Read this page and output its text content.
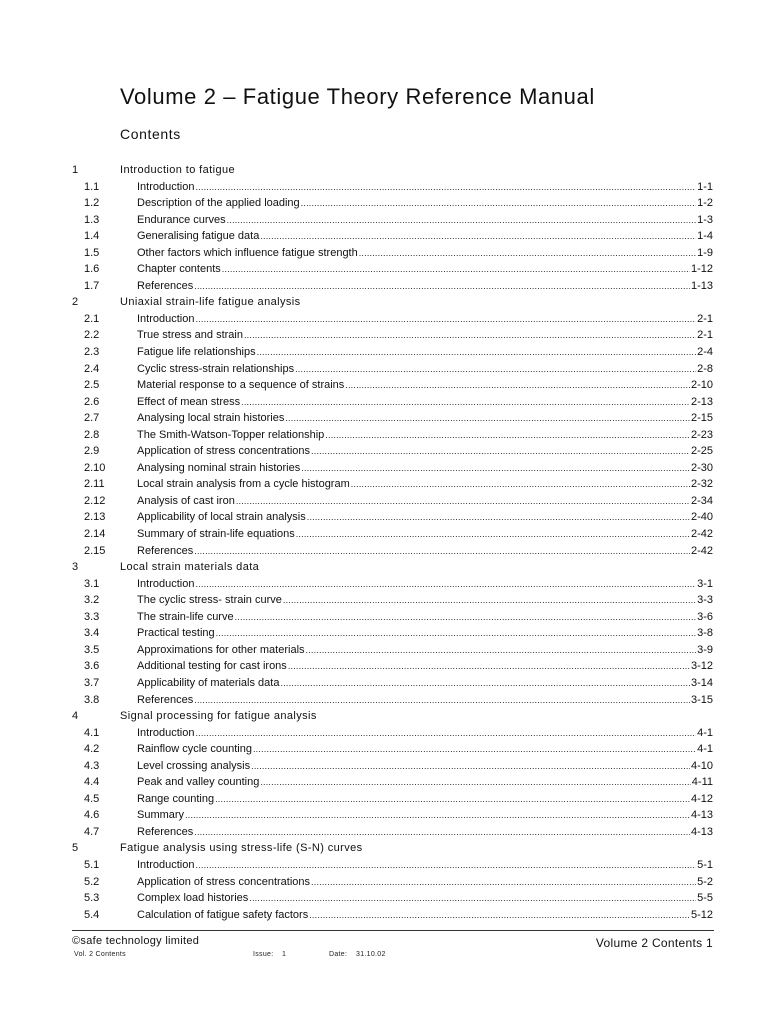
Volume 2 – Fatigue Theory Reference Manual
Contents
1	Introduction to fatigue
1.1	Introduction .....	1-1
1.2	Description of the applied loading .....	1-2
1.3	Endurance curves .....	1-3
1.4	Generalising fatigue data .....	1-4
1.5	Other factors which influence fatigue strength .....	1-9
1.6	Chapter contents .....	1-12
1.7	References .....	1-13
2	Uniaxial strain-life fatigue analysis
2.1	Introduction .....	2-1
2.2	True stress and strain .....	2-1
2.3	Fatigue life relationships .....	2-4
2.4	Cyclic stress-strain relationships .....	2-8
2.5	Material response to a sequence of strains .....	2-10
2.6	Effect of mean stress .....	2-13
2.7	Analysing local strain histories .....	2-15
2.8	The Smith-Watson-Topper relationship .....	2-23
2.9	Application of stress concentrations .....	2-25
2.10	Analysing nominal strain histories .....	2-30
2.11	Local strain analysis from a cycle histogram .....	2-32
2.12	Analysis of cast iron .....	2-34
2.13	Applicability of local strain analysis .....	2-40
2.14	Summary of strain-life equations .....	2-42
2.15	References .....	2-42
3	Local strain materials data
3.1	Introduction .....	3-1
3.2	The cyclic stress- strain curve .....	3-3
3.3	The strain-life curve .....	3-6
3.4	Practical testing .....	3-8
3.5	Approximations for other materials .....	3-9
3.6	Additional testing for cast irons .....	3-12
3.7	Applicability of materials data .....	3-14
3.8	References .....	3-15
4	Signal processing for fatigue analysis
4.1	Introduction .....	4-1
4.2	Rainflow cycle counting .....	4-1
4.3	Level crossing analysis .....	4-10
4.4	Peak and valley counting .....	4-11
4.5	Range counting .....	4-12
4.6	Summary .....	4-13
4.7	References .....	4-13
5	Fatigue analysis using stress-life (S-N) curves
5.1	Introduction .....	5-1
5.2	Application of stress concentrations .....	5-2
5.3	Complex load histories .....	5-5
5.4	Calculation of fatigue safety factors .....	5-12
©safe technology limited	Volume 2 Contents 1
Vol. 2 Contents	Issue: 1	Date: 31.10.02
